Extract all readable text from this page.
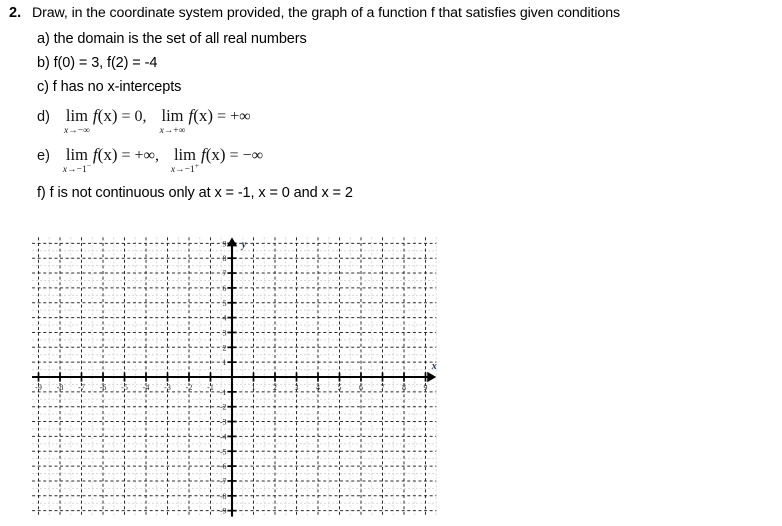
2. Draw, in the coordinate system provided, the graph of a function f that satisfies given conditions
a) the domain is the set of all real numbers
b) f(0) = 3, f(2) = -4
c) f has no x-intercepts
d) lim
x→−∞
f(x) = 0, lim
x→+∞
f(x) = +∞
e) lim
x→−1−
f(x) = +∞, lim
x→−1+
f(x) = −∞
f) f is not continuous only at x = -1, x = 0 and x = 2
-9 -8 -7 -6 -5 -4 -3 -2 -1	1 2 3 4 5 6 7 8 9
9
8
7
6
5
4
3
2
1
-1
-2
-3
-4
-5
-6
-7
-8
-9
x
y
